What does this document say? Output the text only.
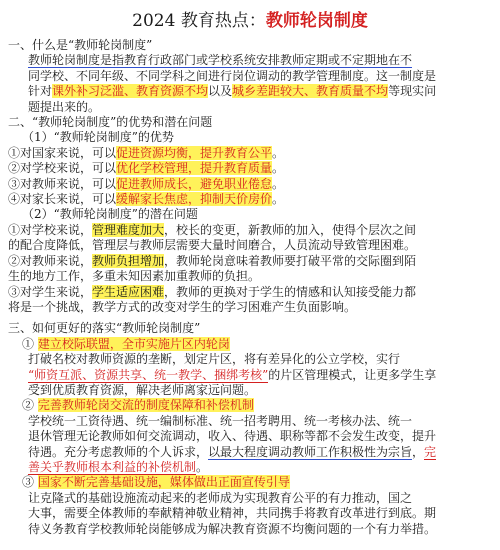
2024 教育热点：教师轮岗制度
一、什么是“教师轮岗制度”
教师轮岗制度是指教育行政部门或学校系统安排教师定期或不定期地在不
同学校、不同年级、不同学科之间进行岗位调动的教学管理制度。这一制度是
针对课外补习泛滥、教育资源不均以及城乡差距较大、教育质量不均等现实问
题提出来的。
二、“教师轮岗制度”的优势和潜在问题
（1）“教师轮岗制度”的优势
①对国家来说，可以促进资源均衡，提升教育公平。
②对学校来说，可以优化学校管理，提升教育质量。
③对教师来说，可以促进教师成长，避免职业倦怠。
④对家长来说，可以缓解家长焦虑，抑制天价房价。
（2）“教师轮岗制度”的潜在问题
①对学校来说，管理难度加大，校长的变更，新教师的加入，使得个层次之间
的配合度降低，管理层与教师层需要大量时间磨合，人员流动导致管理困难。
②对教师来说，教师负担增加，教师轮岗意味着教师要打破平常的交际圈到陌
生的地方工作，多重未知因素加重教师的负担。
③对学生来说，学生适应困难，教师的更换对于学生的情感和认知接受能力都
将是一个挑战，教学方式的改变对学生的学习困难产生负面影响。
三、如何更好的落实“教师轮岗制度”
① 建立校际联盟，全市实施片区内轮岗
打破名校对教师资源的垄断，划定片区，将有差异化的公立学校，实行
“师资互派、资源共享、统一教学、捆绑考核”的片区管理模式，让更多学生享
受到优质教育资源，解决老师离家远问题。
② 完善教师轮岗交流的制度保障和补偿机制
学校统一工资待遇、统一编制标准、统一招考聘用、统一考核办法、统一
退休管理无论教师如何交流调动，收入、待遇、职称等都不会发生改变，提升
待遇。充分考虑教师的个人诉求，以最大程度调动教师工作积极性为宗旨，完
善关乎教师根本利益的补偿机制。
③ 国家不断完善基础设施，媒体做出正面宣传引导
让克隆式的基础设施流动起来的老师成为实现教育公平的有力推动，国之
大事，需要全体教师的奉献精神敬业精神，共同携手将教育改革进行到底。期
待义务教育学校教师轮岗能够成为解决教育资源不均衡问题的一个有力举措。
